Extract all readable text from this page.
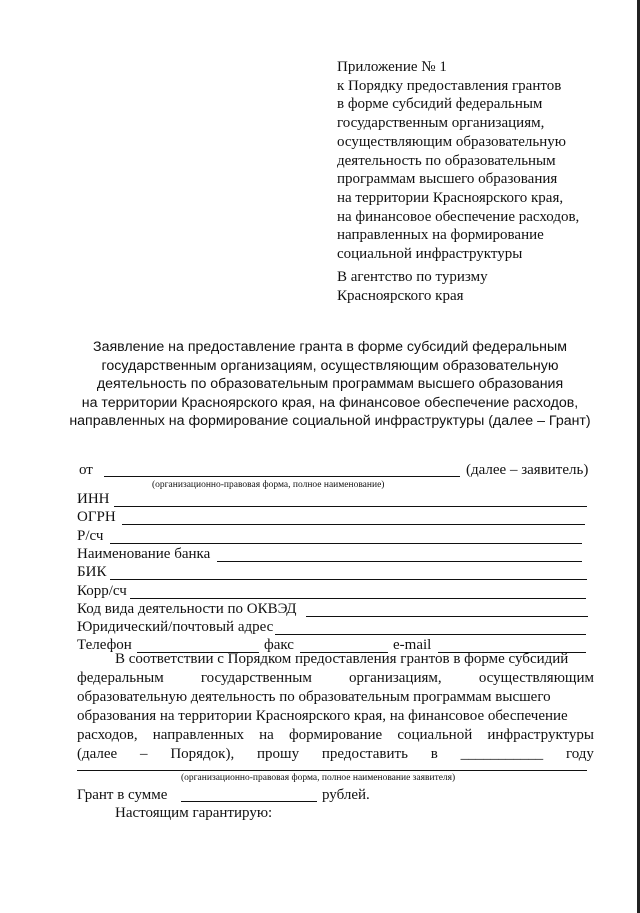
Приложение № 1
к Порядку предоставления грантов
в форме субсидий федеральным
государственным организациям,
осуществляющим образовательную
деятельность по образовательным
программам высшего образования
на территории Красноярского края,
на финансовое обеспечение расходов,
направленных на формирование
социальной инфраструктуры
В агентство по туризму
Красноярского края
Заявление на предоставление гранта в форме субсидий федеральным
государственным организациям, осуществляющим образовательную
деятельность по образовательным программам высшего образования
на территории Красноярского края, на финансовое обеспечение расходов,
направленных на формирование социальной инфраструктуры (далее – Грант)
от	(далее – заявитель)
(организационно-правовая форма, полное наименование)
ИНН
ОГРН
Р/сч
Наименование банка
БИК
Корр/сч
Код вида деятельности по ОКВЭД
Юридический/почтовый адрес
Телефон	факс	e-mail
В соответствии с Порядком предоставления грантов в форме субсидий
федеральным государственным организациям, осуществляющим
образовательную деятельность по образовательным программам высшего
образования на территории Красноярского края, на финансовое обеспечение
расходов, направленных на формирование социальной инфраструктуры
(далее – Порядок), прошу предоставить в ___________ году
(организационно-правовая форма, полное наименование заявителя)
Грант в сумме	рублей.
Настоящим гарантирую:
